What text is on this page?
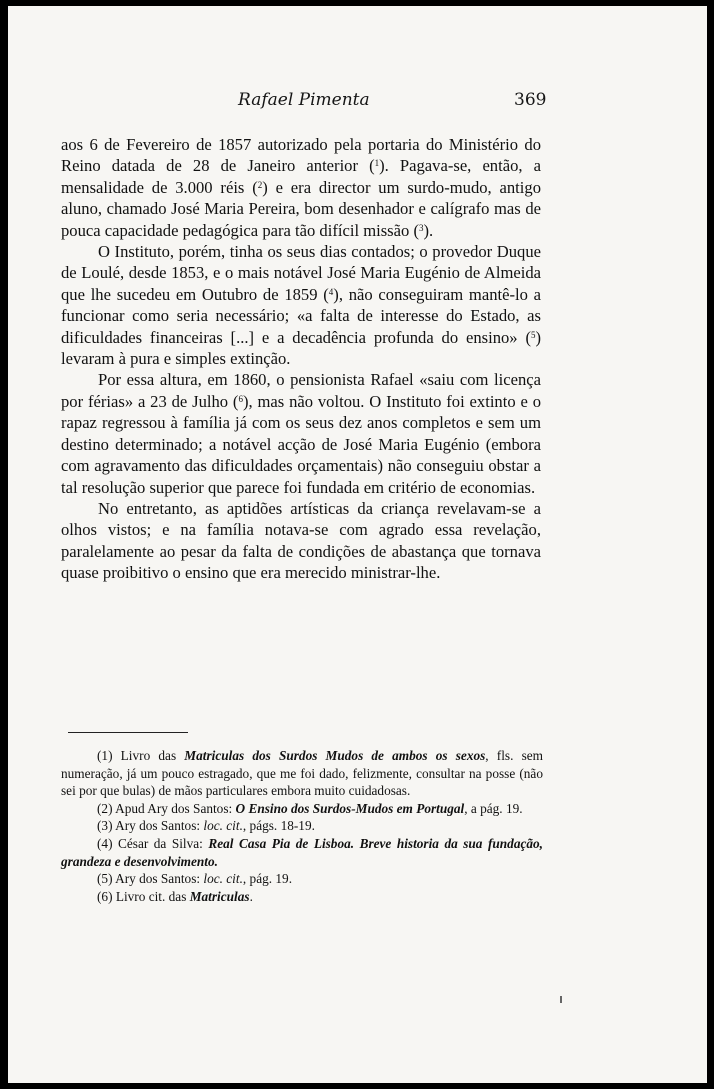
Rafael Pimenta	369

aos 6 de Fevereiro de 1857 autorizado pela portaria do Ministério do Reino datada de 28 de Janeiro anterior ($^1$). Pagava-se, então, a mensalidade de 3.000 réis ($^2$) e era director um surdo-mudo, antigo aluno, chamado José Maria Pereira, bom desenhador e calígrafo mas de pouca capacidade pedagógica para tão difícil missão ($^3$).

O Instituto, porém, tinha os seus dias contados; o provedor Duque de Loulé, desde 1853, e o mais notável José Maria Eugénio de Almeida que lhe sucedeu em Outubro de 1859 ($^4$), não conseguiram mantê-lo a funcionar como seria necessário; «a falta de interesse do Estado, as dificuldades financeiras [...] e a decadência profunda do ensino» ($^5$) levaram à pura e simples extinção.

Por essa altura, em 1860, o pensionista Rafael «saiu com licença por férias» a 23 de Julho ($^6$), mas não voltou. O Instituto foi extinto e o rapaz regressou à família já com os seus dez anos completos e sem um destino determinado; a notável acção de José Maria Eugénio (embora com agravamento das dificuldades orçamentais) não conseguiu obstar a tal resolução superior que parece foi fundada em critério de economias.

No entretanto, as aptidões artísticas da criança revelavam-se a olhos vistos; e na família notava-se com agrado essa revelação, paralelamente ao pesar da falta de condições de abastança que tornava quase proibitivo o ensino que era merecido ministrar-lhe.

(1) Livro das Matriculas dos Surdos Mudos de ambos os sexos, fls. sem numeração, já um pouco estragado, que me foi dado, felizmente, consultar na posse (não sei por que bulas) de mãos particulares embora muito cuidadosas.

(2) Apud Ary dos Santos: O Ensino dos Surdos-Mudos em Portugal, a pág. 19.

(3) Ary dos Santos: loc. cit., págs. 18-19.

(4) César da Silva: Real Casa Pia de Lisboa. Breve historia da sua fundação, grandeza e desenvolvimento.

(5) Ary dos Santos: loc. cit., pág. 19.

(6) Livro cit. das Matriculas.
